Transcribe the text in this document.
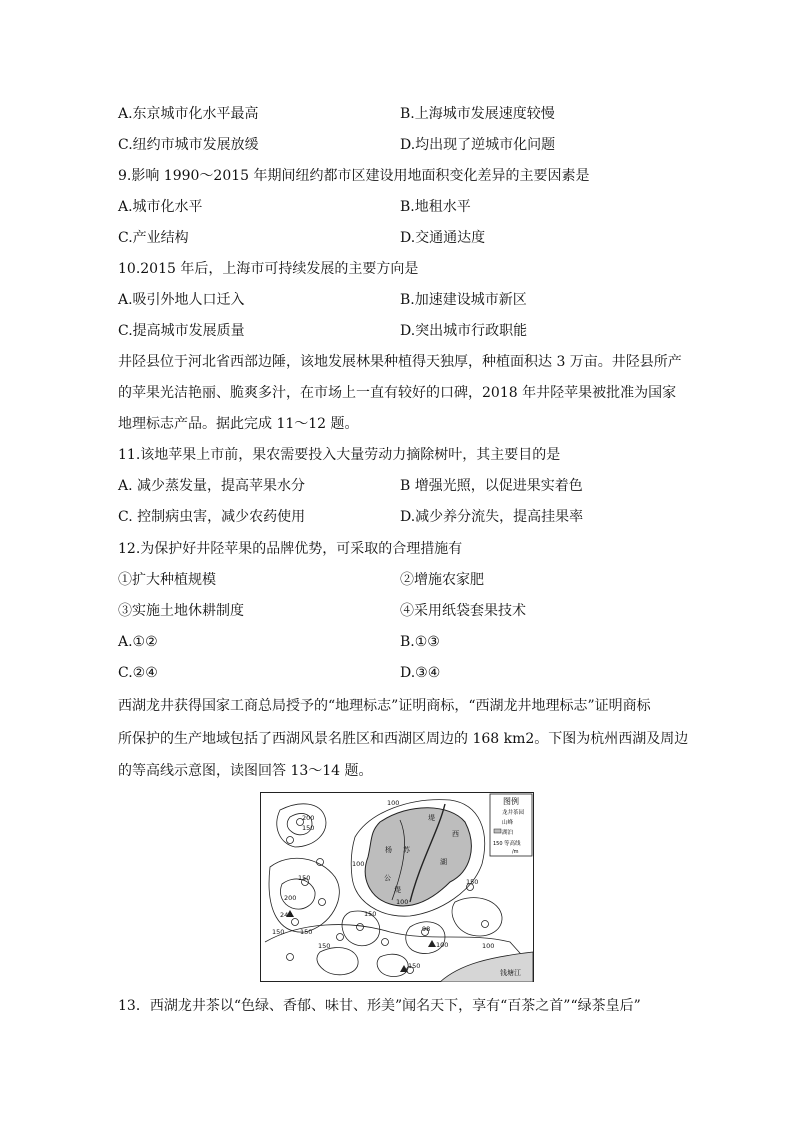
A.东京城市化水平最高	B.上海城市发展速度较慢
C.纽约市城市发展放缓	D.均出现了逆城市化问题
9.影响 1990～2015 年期间纽约都市区建设用地面积变化差异的主要因素是
A.城市化水平	B.地租水平
C.产业结构	D.交通通达度
10.2015 年后，上海市可持续发展的主要方向是
A.吸引外地人口迁入	B.加速建设城市新区
C.提高城市发展质量	D.突出城市行政职能
井陉县位于河北省西部边陲，该地发展林果种植得天独厚，种植面积达 3 万亩。井陉县所产
的苹果光洁艳丽、脆爽多汁，在市场上一直有较好的口碑，2018 年井陉苹果被批准为国家
地理标志产品。据此完成 11～12 题。
11.该地苹果上市前，果农需要投入大量劳动力摘除树叶，其主要目的是
A. 减少蒸发量，提高苹果水分	B 增强光照，以促进果实着色
C. 控制病虫害，减少农药使用	D.减少养分流失，提高挂果率
12.为保护好井陉苹果的品牌优势，可采取的合理措施有
①扩大种植规模	②增施农家肥
③实施土地休耕制度	④采用纸袋套果技术
A.①②	B.①③
C.②④	D.③④
西湖龙井获得国家工商总局授予的“地理标志”证明商标，“西湖龙井地理标志”证明商标
所保护的生产地域包括了西湖风景名胜区和西湖区周边的 168 km2。下图为杭州西湖及周边
的等高线示意图，读图回答 13～14 题。
图例
龙井茶园
山峰
湖泊
150 等高线
/m
100
200
150
100
150
200
243
150 150
150
100
98
100
150
150	100
150
堤
杨 苏
公
堤
西
湖
钱塘江
13．西湖龙井茶以“色绿、香郁、味甘、形美”闻名天下，享有“百茶之首”“绿茶皇后”
